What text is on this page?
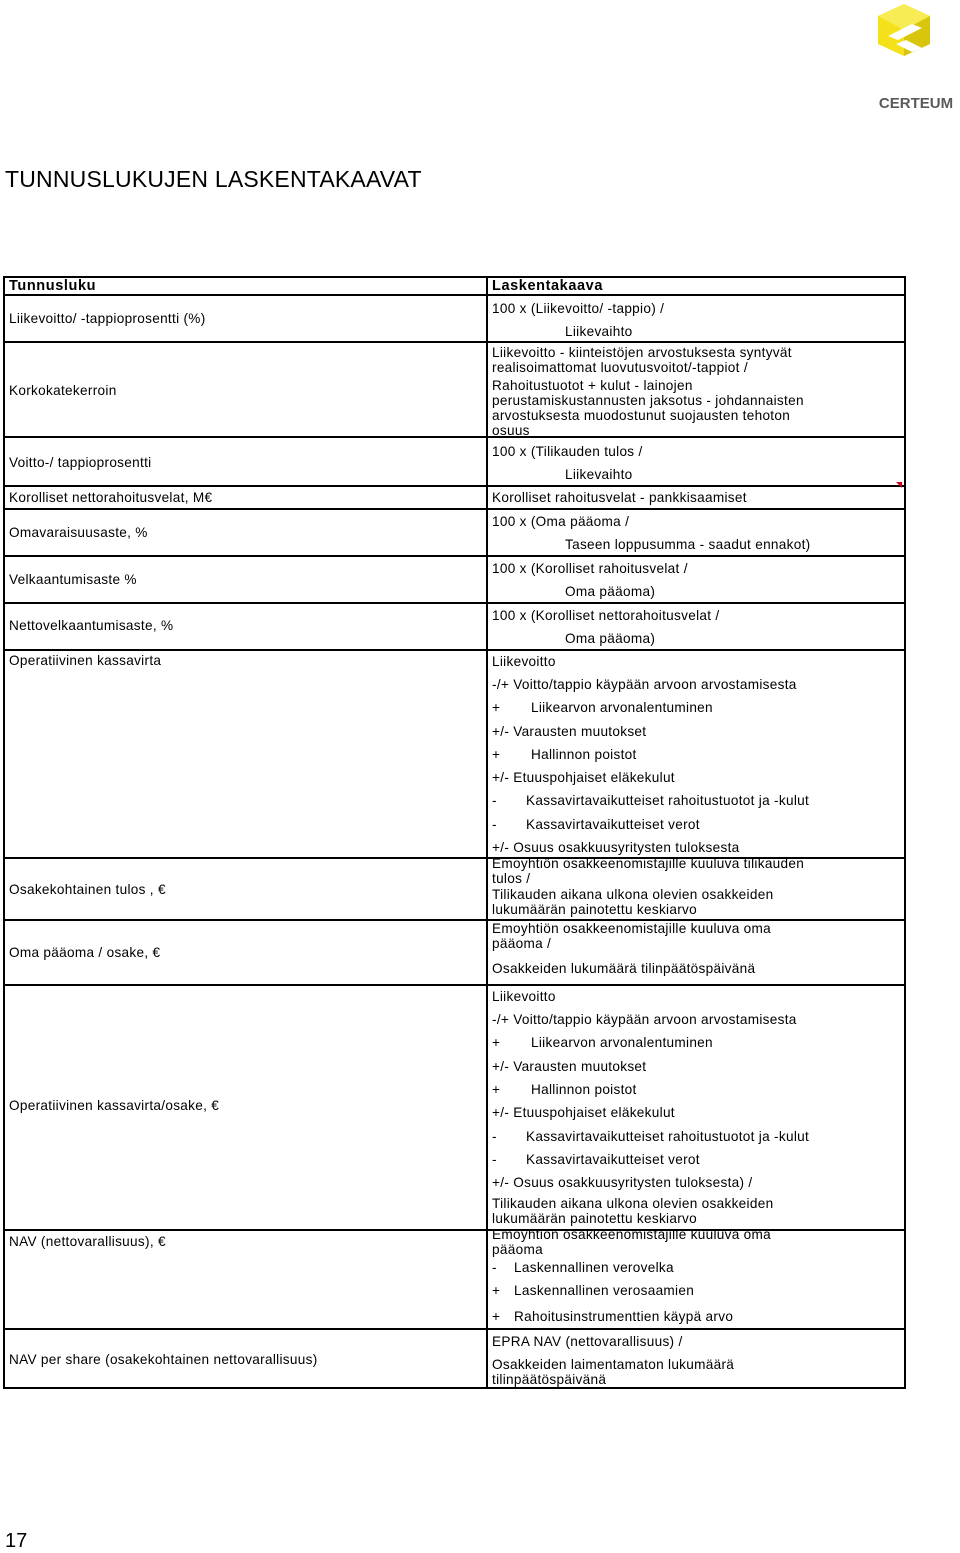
CERTEUM
TUNNUSLUKUJEN LASKENTAKAAVAT
Tunnusluku	Laskentakaava
Liikevoitto/ -tappioprosentti (%)
Korkokatekerroin
Voitto-/ tappioprosentti
Korolliset nettorahoitusvelat, M€
Omavaraisuusaste, %
Velkaantumisaste %
Nettovelkaantumisaste, %
Operatiivinen kassavirta
Osakekohtainen tulos , €
Oma pääoma / osake, €
Operatiivinen kassavirta/osake, €
NAV (nettovarallisuus), €
NAV per share (osakekohtainen nettovarallisuus)
100 x (Liikevoitto/ -tappio) /
Liikevaihto
Liikevoitto - kiinteistöjen arvostuksesta syntyvät
realisoimattomat luovutusvoitot/-tappiot /
Rahoitustuotot + kulut - lainojen
perustamiskustannusten jaksotus - johdannaisten
arvostuksesta muodostunut suojausten tehoton
osuus
100 x (Tilikauden tulos /
Liikevaihto
Korolliset rahoitusvelat - pankkisaamiset
100 x (Oma pääoma /
Taseen loppusumma - saadut ennakot)
100 x (Korolliset rahoitusvelat /
Oma pääoma)
100 x (Korolliset nettorahoitusvelat /
Oma pääoma)
Liikevoitto
-/+ Voitto/tappio käypään arvoon arvostamisesta
+ Liikearvon arvonalentuminen
+/- Varausten muutokset
+ Hallinnon poistot
+/- Etuuspohjaiset eläkekulut
- Kassavirtavaikutteiset rahoitustuotot ja -kulut
- Kassavirtavaikutteiset verot
+/- Osuus osakkuusyritysten tuloksesta
Emoyhtiön osakkeenomistajille kuuluva tilikauden
tulos /
Tilikauden aikana ulkona olevien osakkeiden
lukumäärän painotettu keskiarvo
Emoyhtiön osakkeenomistajille kuuluva oma
pääoma /
Osakkeiden lukumäärä tilinpäätöspäivänä
Liikevoitto
-/+ Voitto/tappio käypään arvoon arvostamisesta
+ Liikearvon arvonalentuminen
+/- Varausten muutokset
+ Hallinnon poistot
+/- Etuuspohjaiset eläkekulut
- Kassavirtavaikutteiset rahoitustuotot ja -kulut
- Kassavirtavaikutteiset verot
+/- Osuus osakkuusyritysten tuloksesta) /
Tilikauden aikana ulkona olevien osakkeiden
lukumäärän painotettu keskiarvo
Emoyhtiön osakkeenomistajille kuuluva oma
pääoma
- Laskennallinen verovelka
+ Laskennallinen verosaamien
+ Rahoitusinstrumenttien käypä arvo
EPRA NAV (nettovarallisuus) /
Osakkeiden laimentamaton lukumäärä
tilinpäätöspäivänä
17
